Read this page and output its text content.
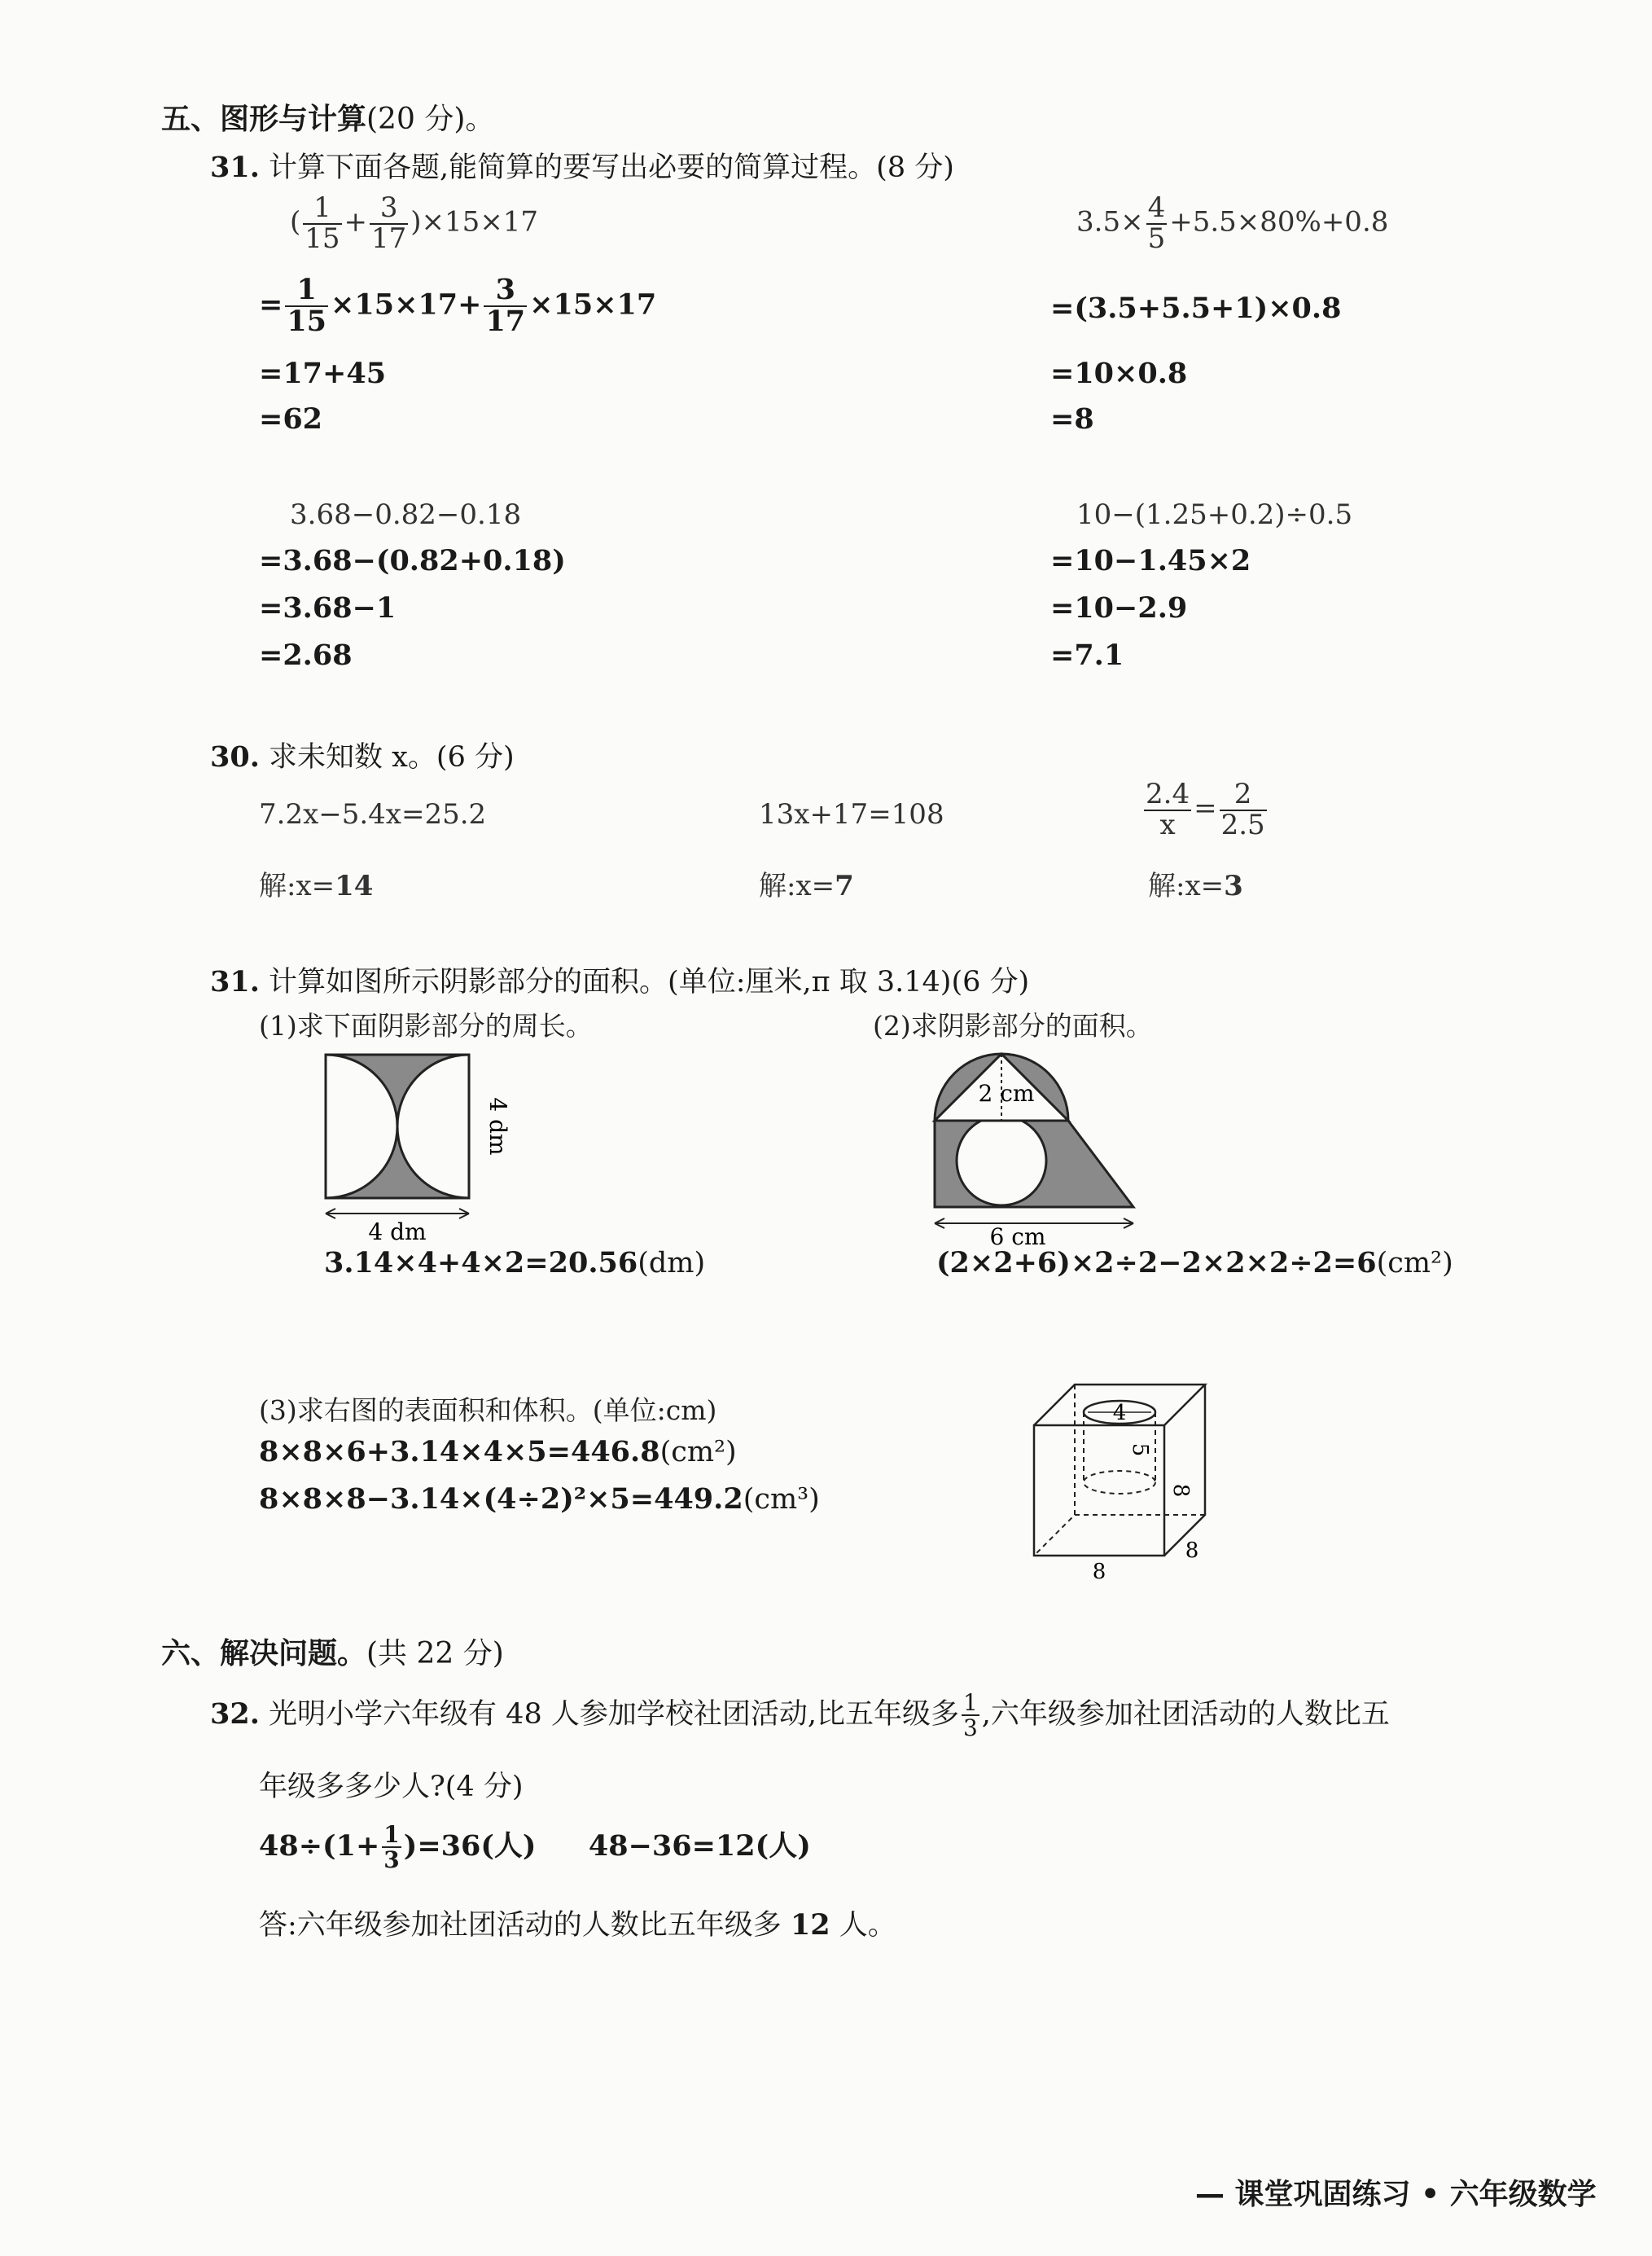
五、图形与计算(20 分)。
31. 计算下面各题,能简算的要写出必要的简算过程。(8 分)
( $\frac{1}{15} + \frac{3}{17} )\times 15\times 17$
= $\frac{1}{15} \times 15\times 17+ \frac{3}{17} \times 15\times 17$
=17+45
=62
$3.5\times \frac{4}{5} +5.5\times 80\%+0.8$
=(3.5+5.5+1)×0.8
=10×0.8
=8
3.68−0.82−0.18
=3.68−(0.82+0.18)
=3.68−1
=2.68
10−(1.25+0.2)÷0.5
=10−1.45×2
=10−2.9
=7.1
30. 求未知数 x。(6 分)
7.2x−5.4x=25.2
解:x=14
13x+17=108
解:x=7
$\frac{2.4}{x} = \frac{2}{2.5}$
解:x=3
31. 计算如图所示阴影部分的面积。(单位:厘米,π 取 3.14)(6 分)
(1)求下面阴影部分的周长。	(2)求阴影部分的面积。
4 dm
4 dm
2 cm
6 cm
3.14×4+4×2=20.56(dm)	(2×2+6)×2÷2−2×2×2÷2=6(cm²)
(3)求右图的表面积和体积。(单位:cm)
8×8×6+3.14×4×5=446.8(cm²)
8×8×8−3.14×(4÷2)²×5=449.2(cm³)
4
5
8
8
8
六、解决问题。(共 22 分)
32. 光明小学六年级有 48 人参加学校社团活动,比五年级多 $\frac{1}{3}$ ,六年级参加社团活动的人数比五
年级多多少人?(4 分)
$48\div(1+ \frac{1}{3} )=36$(人) 48−36=12(人)
答:六年级参加社团活动的人数比五年级多 12 人。
— 课堂巩固练习 • 六年级数学
